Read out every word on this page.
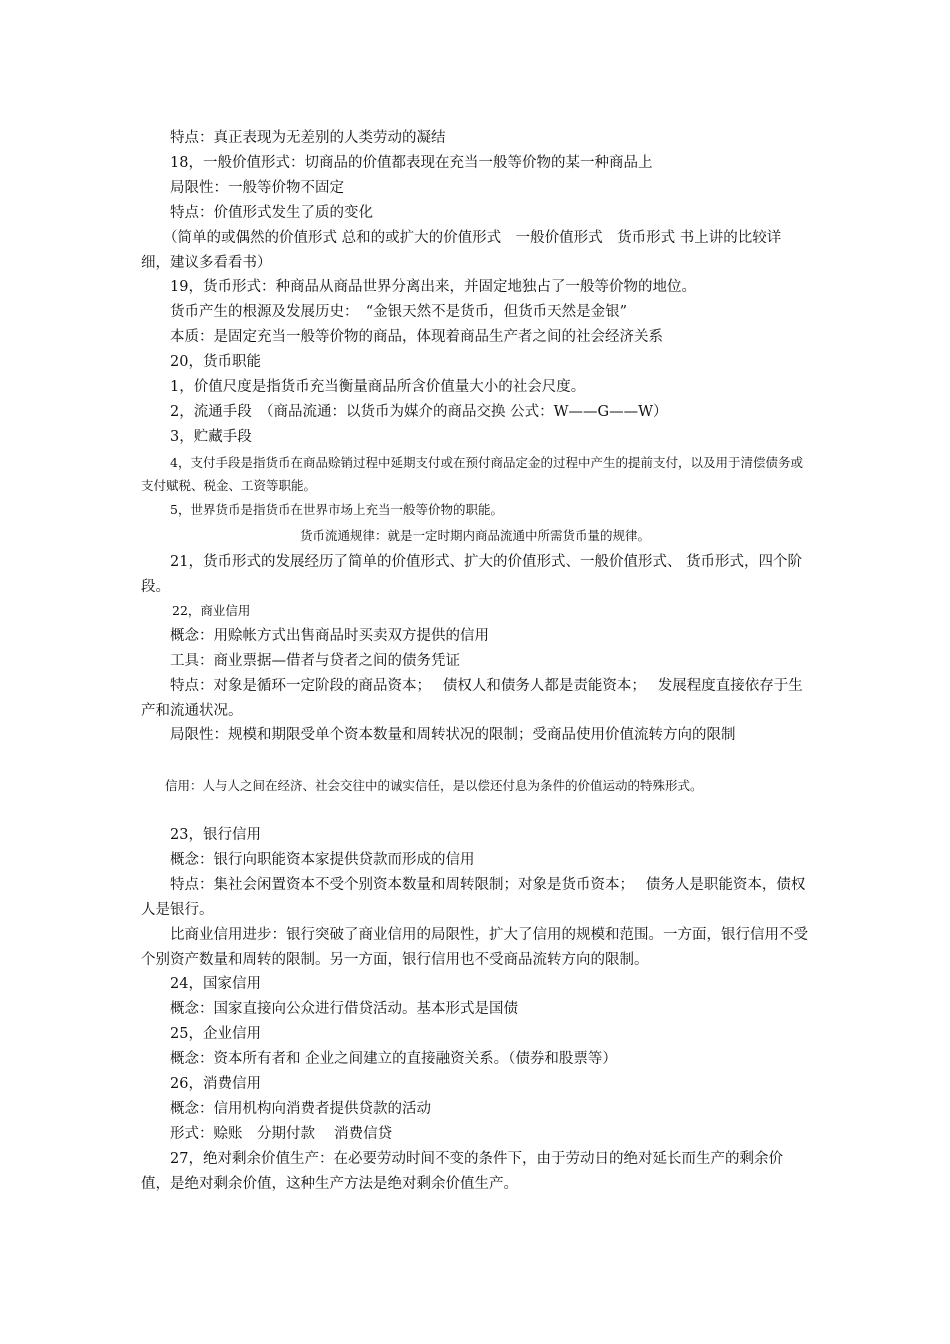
特点：真正表现为无差别的人类劳动的凝结
18，一般价值形式：切商品的价值都表现在充当一般等价物的某一种商品上
局限性：一般等价物不固定
特点：价值形式发生了质的变化
（简单的或偶然的价值形式 总和的或扩大的价值形式　一般价值形式　货币形式 书上讲的比较详细，建议多看看书）
19，货币形式：种商品从商品世界分离出来，并固定地独占了一般等价物的地位。
货币产生的根源及发展历史：　“金银天然不是货币，但货币天然是金银”
本质：是固定充当一般等价物的商品，体现着商品生产者之间的社会经济关系
20，货币职能
1，价值尺度是指货币充当衡量商品所含价值量大小的社会尺度。
2，流通手段　（商品流通：以货币为媒介的商品交换 公式：W——G——W）
3，贮藏手段
4，支付手段是指货币在商品赊销过程中延期支付或在预付商品定金的过程中产生的提前支付，以及用于清偿债务或支付赋税、税金、工资等职能。
5，世界货币是指货币在世界市场上充当一般等价物的职能。
货币流通规律：就是一定时期内商品流通中所需货币量的规律。
21，货币形式的发展经历了简单的价值形式、扩大的价值形式、一般价值形式、 货币形式，四个阶段。
22，商业信用
概念：用赊帐方式出售商品时买卖双方提供的信用
工具：商业票据—借者与贷者之间的债务凭证
特点：对象是循环一定阶段的商品资本；　 债权人和债务人都是责能资本；　 发展程度直接依存于生产和流通状况。
局限性：规模和期限受单个资本数量和周转状况的限制；受商品使用价值流转方向的限制
信用：人与人之间在经济、社会交往中的诚实信任，是以偿还付息为条件的价值运动的特殊形式。
23，银行信用
概念：银行向职能资本家提供贷款而形成的信用
特点：集社会闲置资本不受个别资本数量和周转限制；对象是货币资本；　 债务人是职能资本，债权人是银行。
比商业信用进步：银行突破了商业信用的局限性，扩大了信用的规模和范围。一方面，银行信用不受个别资产数量和周转的限制。另一方面，银行信用也不受商品流转方向的限制。
24，国家信用
概念：国家直接向公众进行借贷活动。基本形式是国债
25，企业信用
概念：资本所有者和 企业之间建立的直接融资关系。（债券和股票等）
26，消费信用
概念：信用机构向消费者提供贷款的活动
形式：赊账　分期付款　 消费信贷
27，绝对剩余价值生产：在必要劳动时间不变的条件下，由于劳动日的绝对延长而生产的剩余价值，是绝对剩余价值，这种生产方法是绝对剩余价值生产。
